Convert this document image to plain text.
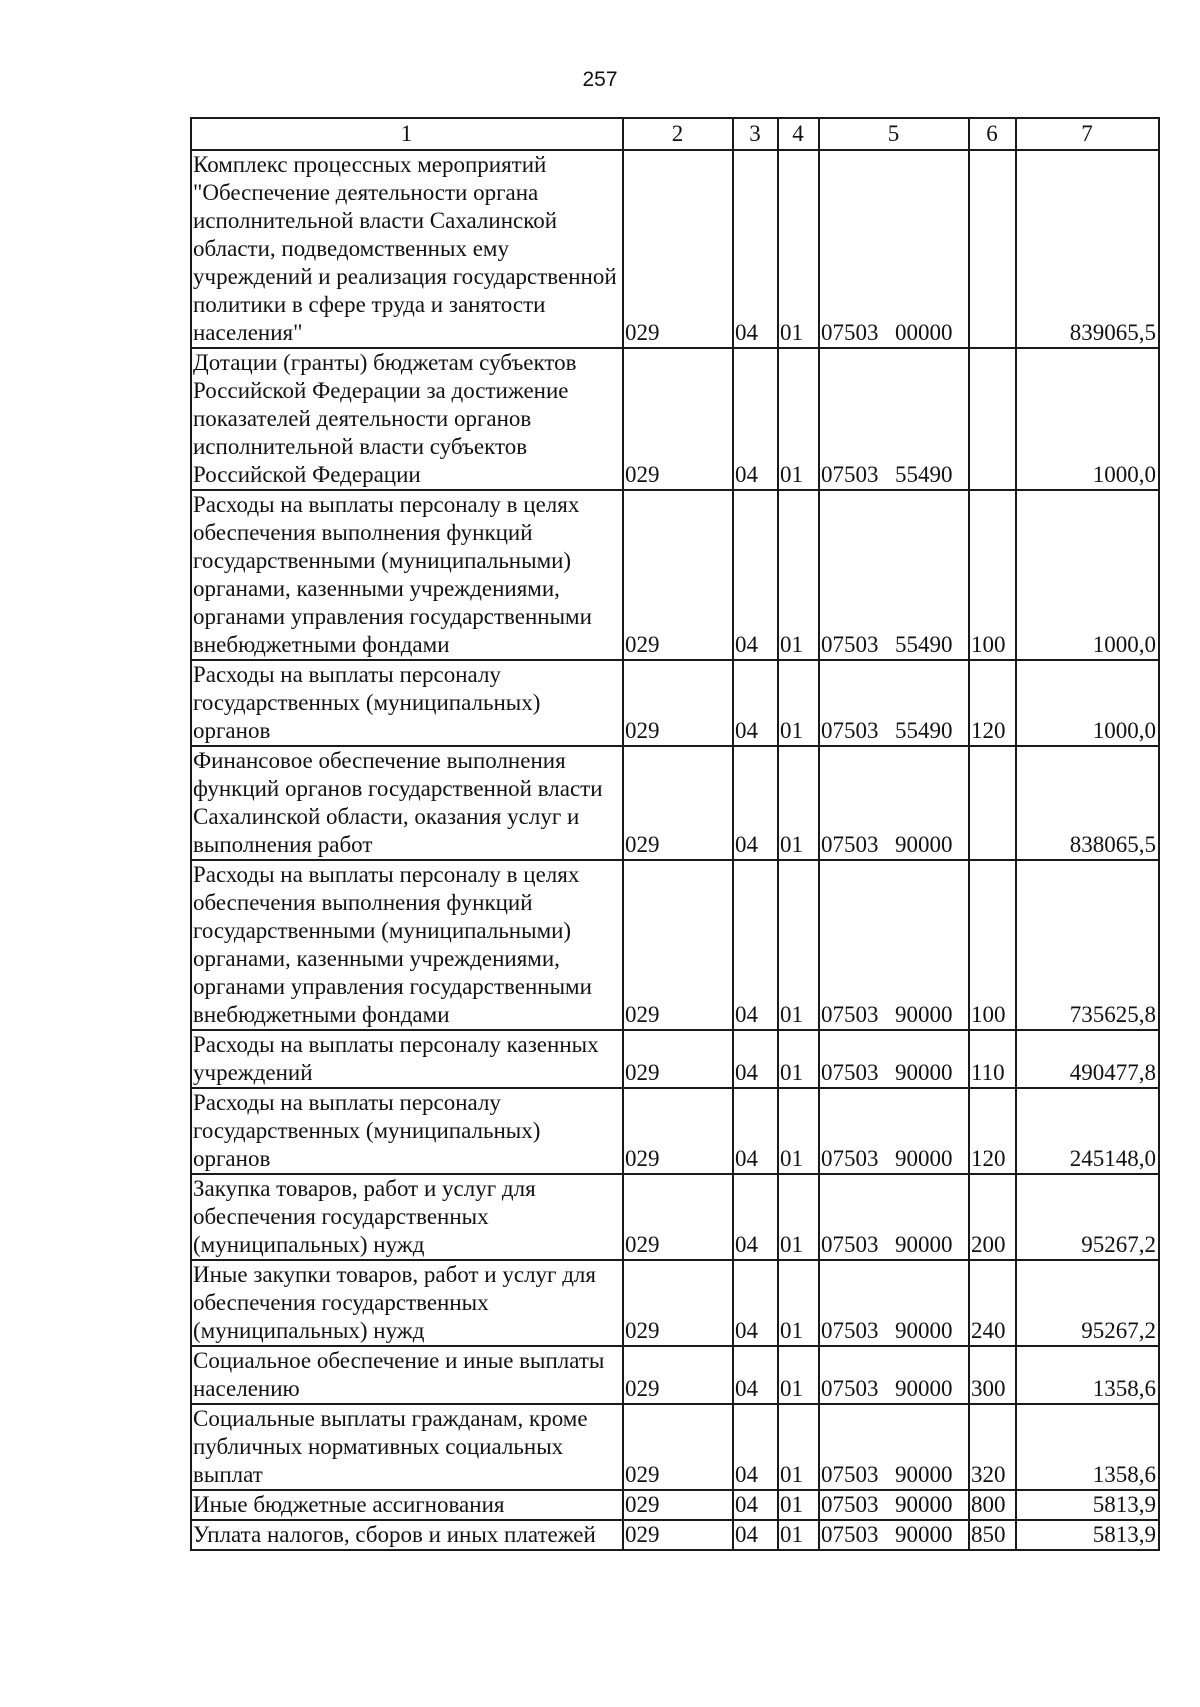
257
1	2	3	4	5	6	7
Комплекс процессных мероприятий "Обеспечение деятельности органа исполнительной власти Сахалинской области, подведомственных ему учреждений и реализация государственной политики в сфере труда и занятости населения"	029	04	01	07503 00000		839065,5
Дотации (гранты) бюджетам субъектов Российской Федерации за достижение показателей деятельности органов исполнительной власти субъектов Российской Федерации	029	04	01	07503 55490		1000,0
Расходы на выплаты персоналу в целях обеспечения выполнения функций государственными (муниципальными) органами, казенными учреждениями, органами управления государственными внебюджетными фондами	029	04	01	07503 55490	100	1000,0
Расходы на выплаты персоналу государственных (муниципальных) органов	029	04	01	07503 55490	120	1000,0
Финансовое обеспечение выполнения функций органов государственной власти Сахалинской области, оказания услуг и выполнения работ	029	04	01	07503 90000		838065,5
Расходы на выплаты персоналу в целях обеспечения выполнения функций государственными (муниципальными) органами, казенными учреждениями, органами управления государственными внебюджетными фондами	029	04	01	07503 90000	100	735625,8
Расходы на выплаты персоналу казенных учреждений	029	04	01	07503 90000	110	490477,8
Расходы на выплаты персоналу государственных (муниципальных) органов	029	04	01	07503 90000	120	245148,0
Закупка товаров, работ и услуг для обеспечения государственных (муниципальных) нужд	029	04	01	07503 90000	200	95267,2
Иные закупки товаров, работ и услуг для обеспечения государственных (муниципальных) нужд	029	04	01	07503 90000	240	95267,2
Социальное обеспечение и иные выплаты населению	029	04	01	07503 90000	300	1358,6
Социальные выплаты гражданам, кроме публичных нормативных социальных выплат	029	04	01	07503 90000	320	1358,6
Иные бюджетные ассигнования	029	04	01	07503 90000	800	5813,9
Уплата налогов, сборов и иных платежей	029	04	01	07503 90000	850	5813,9
